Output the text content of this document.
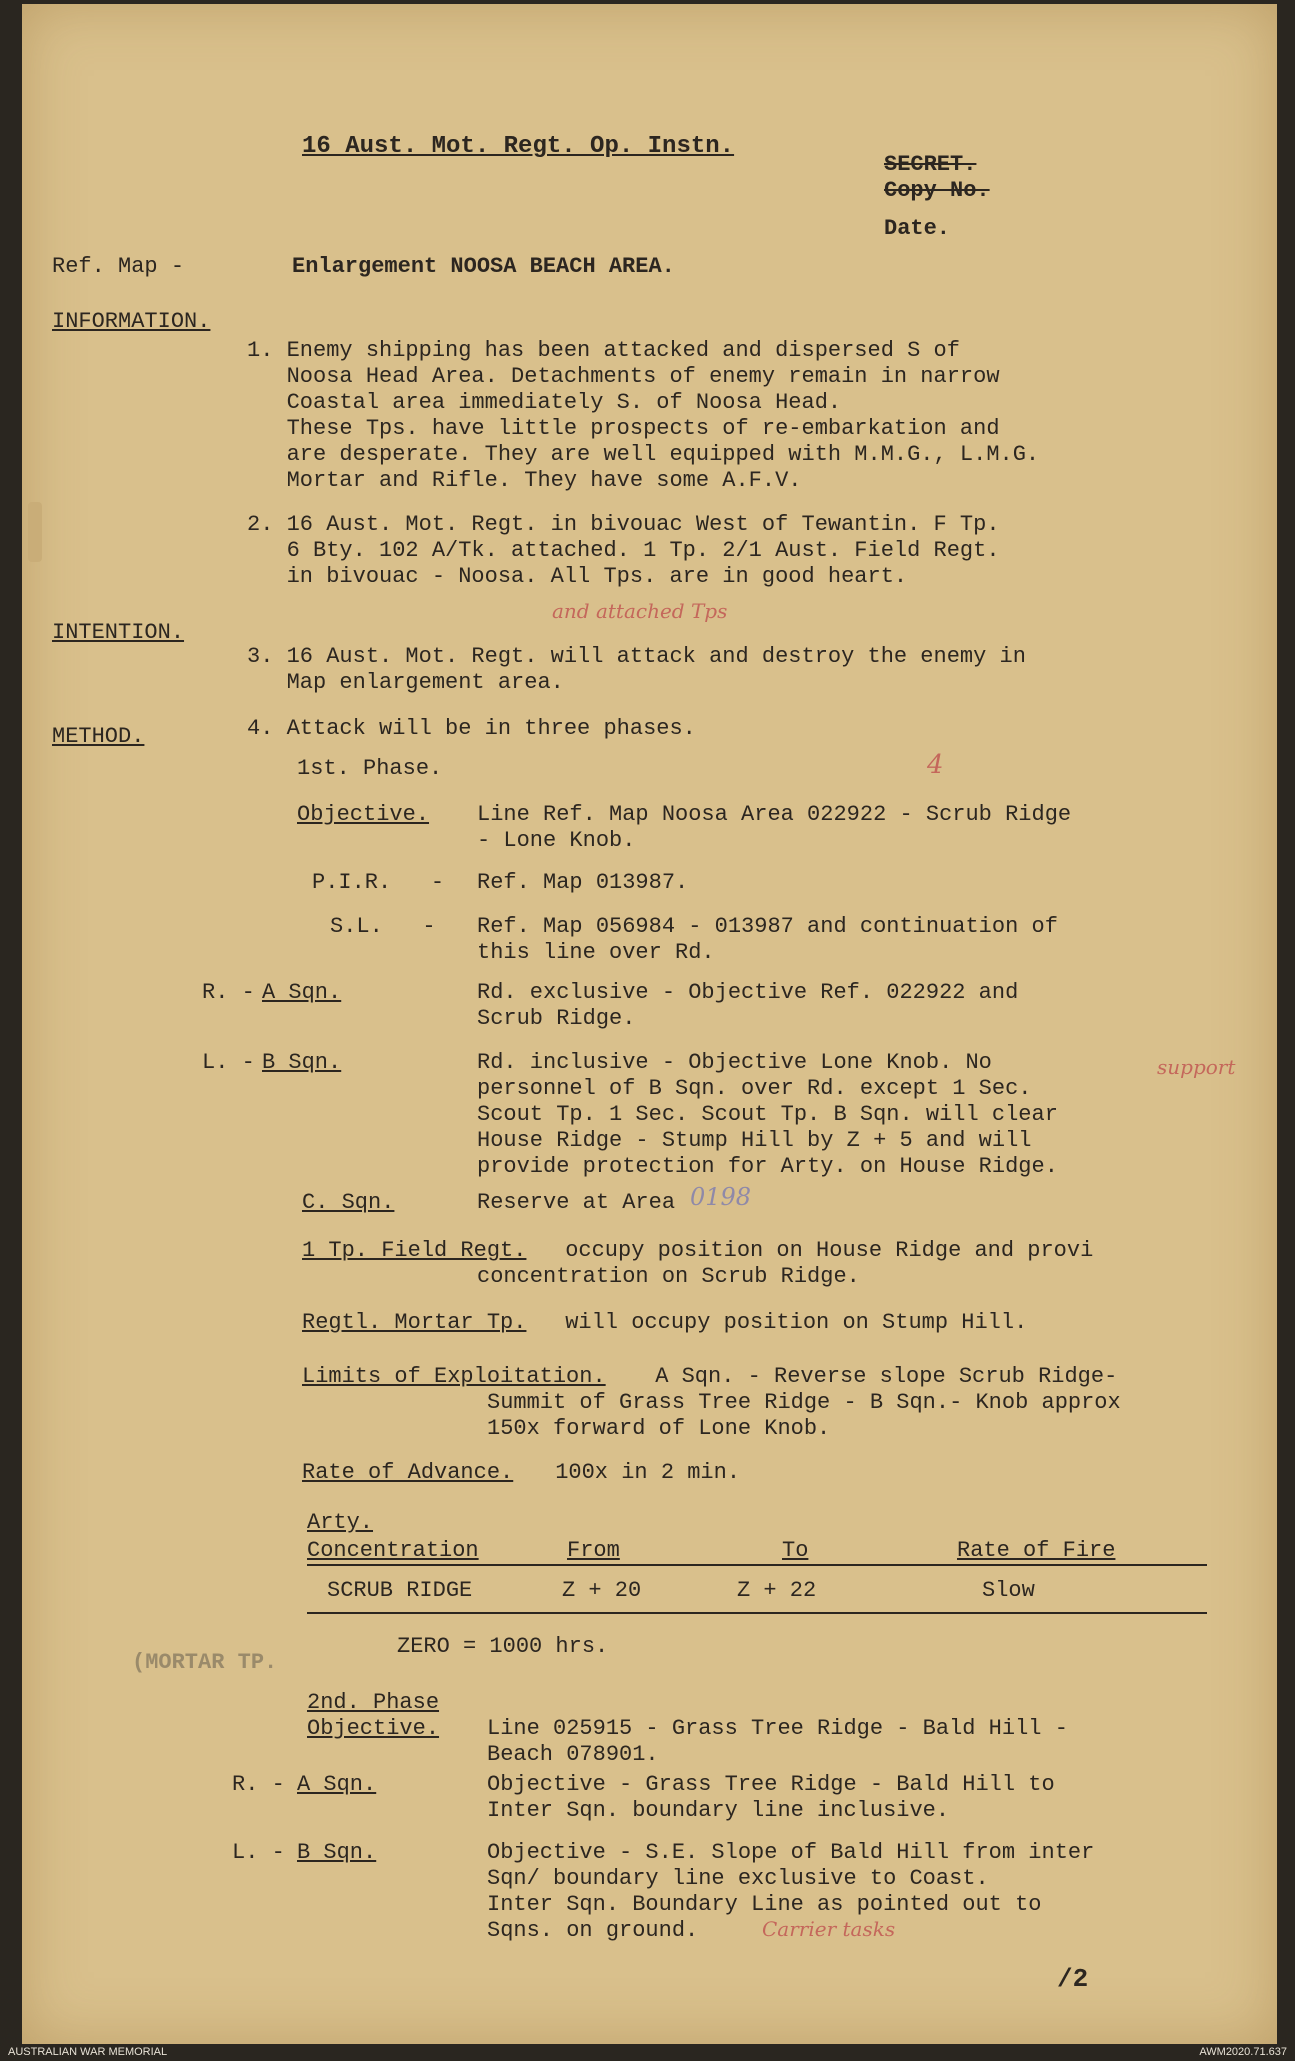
16 Aust. Mot. Regt. Op. Instn.
SECRET.
Copy No.
Date.
Ref. Map -	Enlargement NOOSA BEACH AREA.
INFORMATION.
1. Enemy shipping has been attacked and dispersed S of
Noosa Head Area. Detachments of enemy remain in narrow
Coastal area immediately S. of Noosa Head.
These Tps. have little prospects of re-embarkation and
are desperate. They are well equipped with M.M.G., L.M.G.
Mortar and Rifle. They have some A.F.V.
2. 16 Aust. Mot. Regt. in bivouac West of Tewantin. F Tp.
6 Bty. 102 A/Tk. attached. 1 Tp. 2/1 Aust. Field Regt.
in bivouac - Noosa. All Tps. are in good heart.
INTENTION.
and attached Tps
3. 16 Aust. Mot. Regt. will attack and destroy the enemy in
Map enlargement area.
METHOD.	4. Attack will be in three phases.
1st. Phase.	4
Objective. Line Ref. Map Noosa Area 022922 - Scrub Ridge
- Lone Knob.
P.I.R.   - Ref. Map 013987.
S.L.   - Ref. Map 056984 - 013987 and continuation of
this line over Rd.
R. - A Sqn.	Rd. exclusive - Objective Ref. 022922 and
Scrub Ridge.
L. - B Sqn.	Rd. inclusive - Objective Lone Knob. No
personnel of B Sqn. over Rd. except 1 Sec.
Scout Tp. 1 Sec. Scout Tp. B Sqn. will clear
House Ridge - Stump Hill by Z + 5 and will
provide protection for Arty. on House Ridge.
support
C. Sqn.	Reserve at Area 0198
1 Tp. Field Regt. occupy position on House Ridge and provi
concentration on Scrub Ridge.
Regtl. Mortar Tp. will occupy position on Stump Hill.
Limits of Exploitation. A Sqn. - Reverse slope Scrub Ridge-
Summit of Grass Tree Ridge - B Sqn.- Knob approx
150x forward of Lone Knob.
Rate of Advance. 100x in 2 min.
Arty.
Concentration	From	To	Rate of Fire
SCRUB RIDGE	Z + 20	Z + 22	Slow
ZERO = 1000 hrs.
(MORTAR TP.
2nd. Phase
Objective. Line 025915 - Grass Tree Ridge - Bald Hill -
Beach 078901.
R. - A Sqn.	Objective - Grass Tree Ridge - Bald Hill to
Inter Sqn. boundary line inclusive.
L. - B Sqn.	Objective - S.E. Slope of Bald Hill from inter
Sqn/ boundary line exclusive to Coast.
Inter Sqn. Boundary Line as pointed out to
Sqns. on ground.	Carrier tasks
/2
AUSTRALIAN WAR MEMORIAL	AWM2020.71.637
